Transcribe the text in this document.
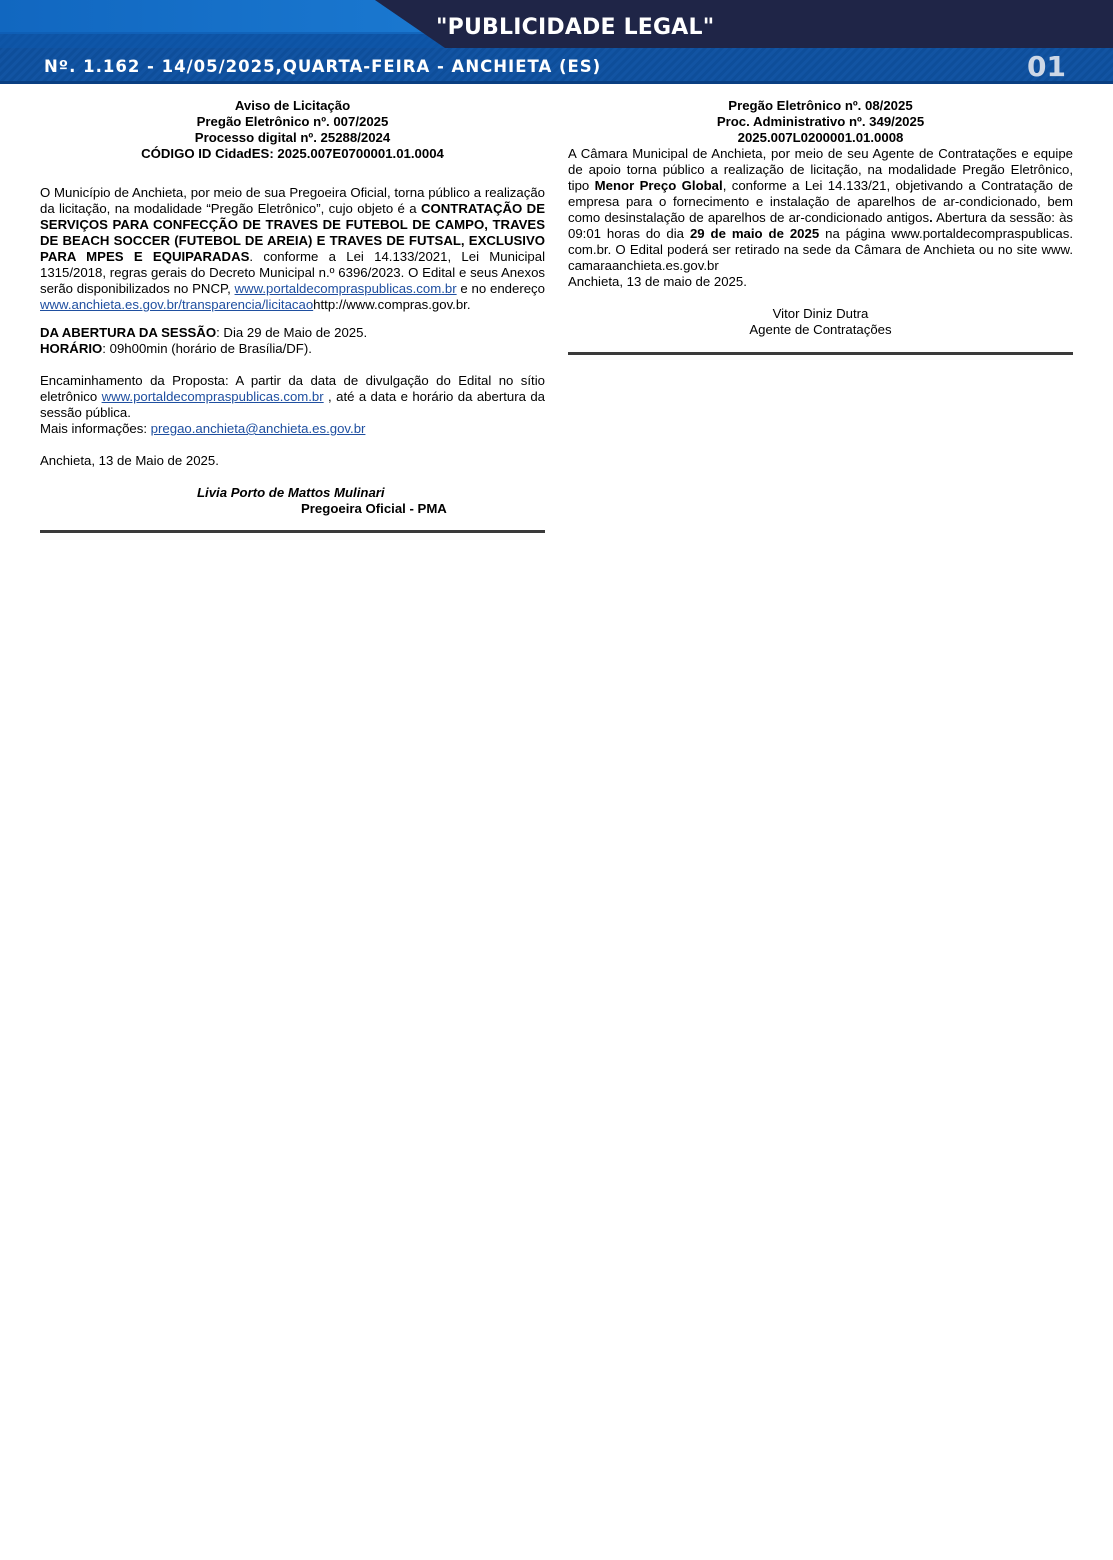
"PUBLICIDADE LEGAL"
Nº. 1.162 - 14/05/2025,QUARTA-FEIRA - ANCHIETA (ES)	01
Aviso de Licitação
Pregão Eletrônico nº. 007/2025
Processo digital nº. 25288/2024
CÓDIGO ID CidadES: 2025.007E0700001.01.0004
O Município de Anchieta, por meio de sua Pregoeira Oficial, torna público a realização da licitação, na modalidade “Pregão Eletrônico”, cujo objeto é a CONTRATAÇÃO DE SERVIÇOS PARA CONFECÇÃO DE TRAVES DE FUTEBOL DE CAMPO, TRAVES DE BEACH SOCCER (FUTEBOL DE AREIA) E TRAVES DE FUTSAL, EXCLUSIVO PARA MPES E EQUIPARADAS. conforme a Lei 14.133/2021, Lei Municipal 1315/2018, regras gerais do Decreto Municipal n.º 6396/2023. O Edital e seus Anexos serão disponibilizados no PNCP, www.portaldecompraspublicas.com.br e no endereço www.anchieta.es.gov.br/transparencia/licitacaohttp://www.compras.gov.br.
DA ABERTURA DA SESSÃO: Dia 29 de Maio de 2025.
HORÁRIO: 09h00min (horário de Brasília/DF).
Encaminhamento da Proposta: A partir da data de divulgação do Edital no sítio eletrônico www.portaldecompraspublicas.com.br , até a data e horário da abertura da sessão pública.
Mais informações: pregao.anchieta@anchieta.es.gov.br
Anchieta, 13 de Maio de 2025.
Livia Porto de Mattos Mulinari
Pregoeira Oficial - PMA
Pregão Eletrônico nº. 08/2025
Proc. Administrativo nº. 349/2025
2025.007L0200001.01.0008
A Câmara Municipal de Anchieta, por meio de seu Agente de Contratações e equipe de apoio torna público a realização de licitação, na modalidade Pregão Eletrônico, tipo Menor Preço Global, conforme a Lei 14.133/21, objetivando a Contratação de empresa para o fornecimento e instalação de aparelhos de ar-condicionado, bem como desinstalação de aparelhos de ar-condicionado antigos. Abertura da sessão: às 09:01 horas do dia 29 de maio de 2025 na página www.portaldecompraspublicas. com.br. O Edital poderá ser retirado na sede da Câmara de Anchieta ou no site www. camaraanchieta.es.gov.br
Anchieta, 13 de maio de 2025.
Vitor Diniz Dutra
Agente de Contratações
